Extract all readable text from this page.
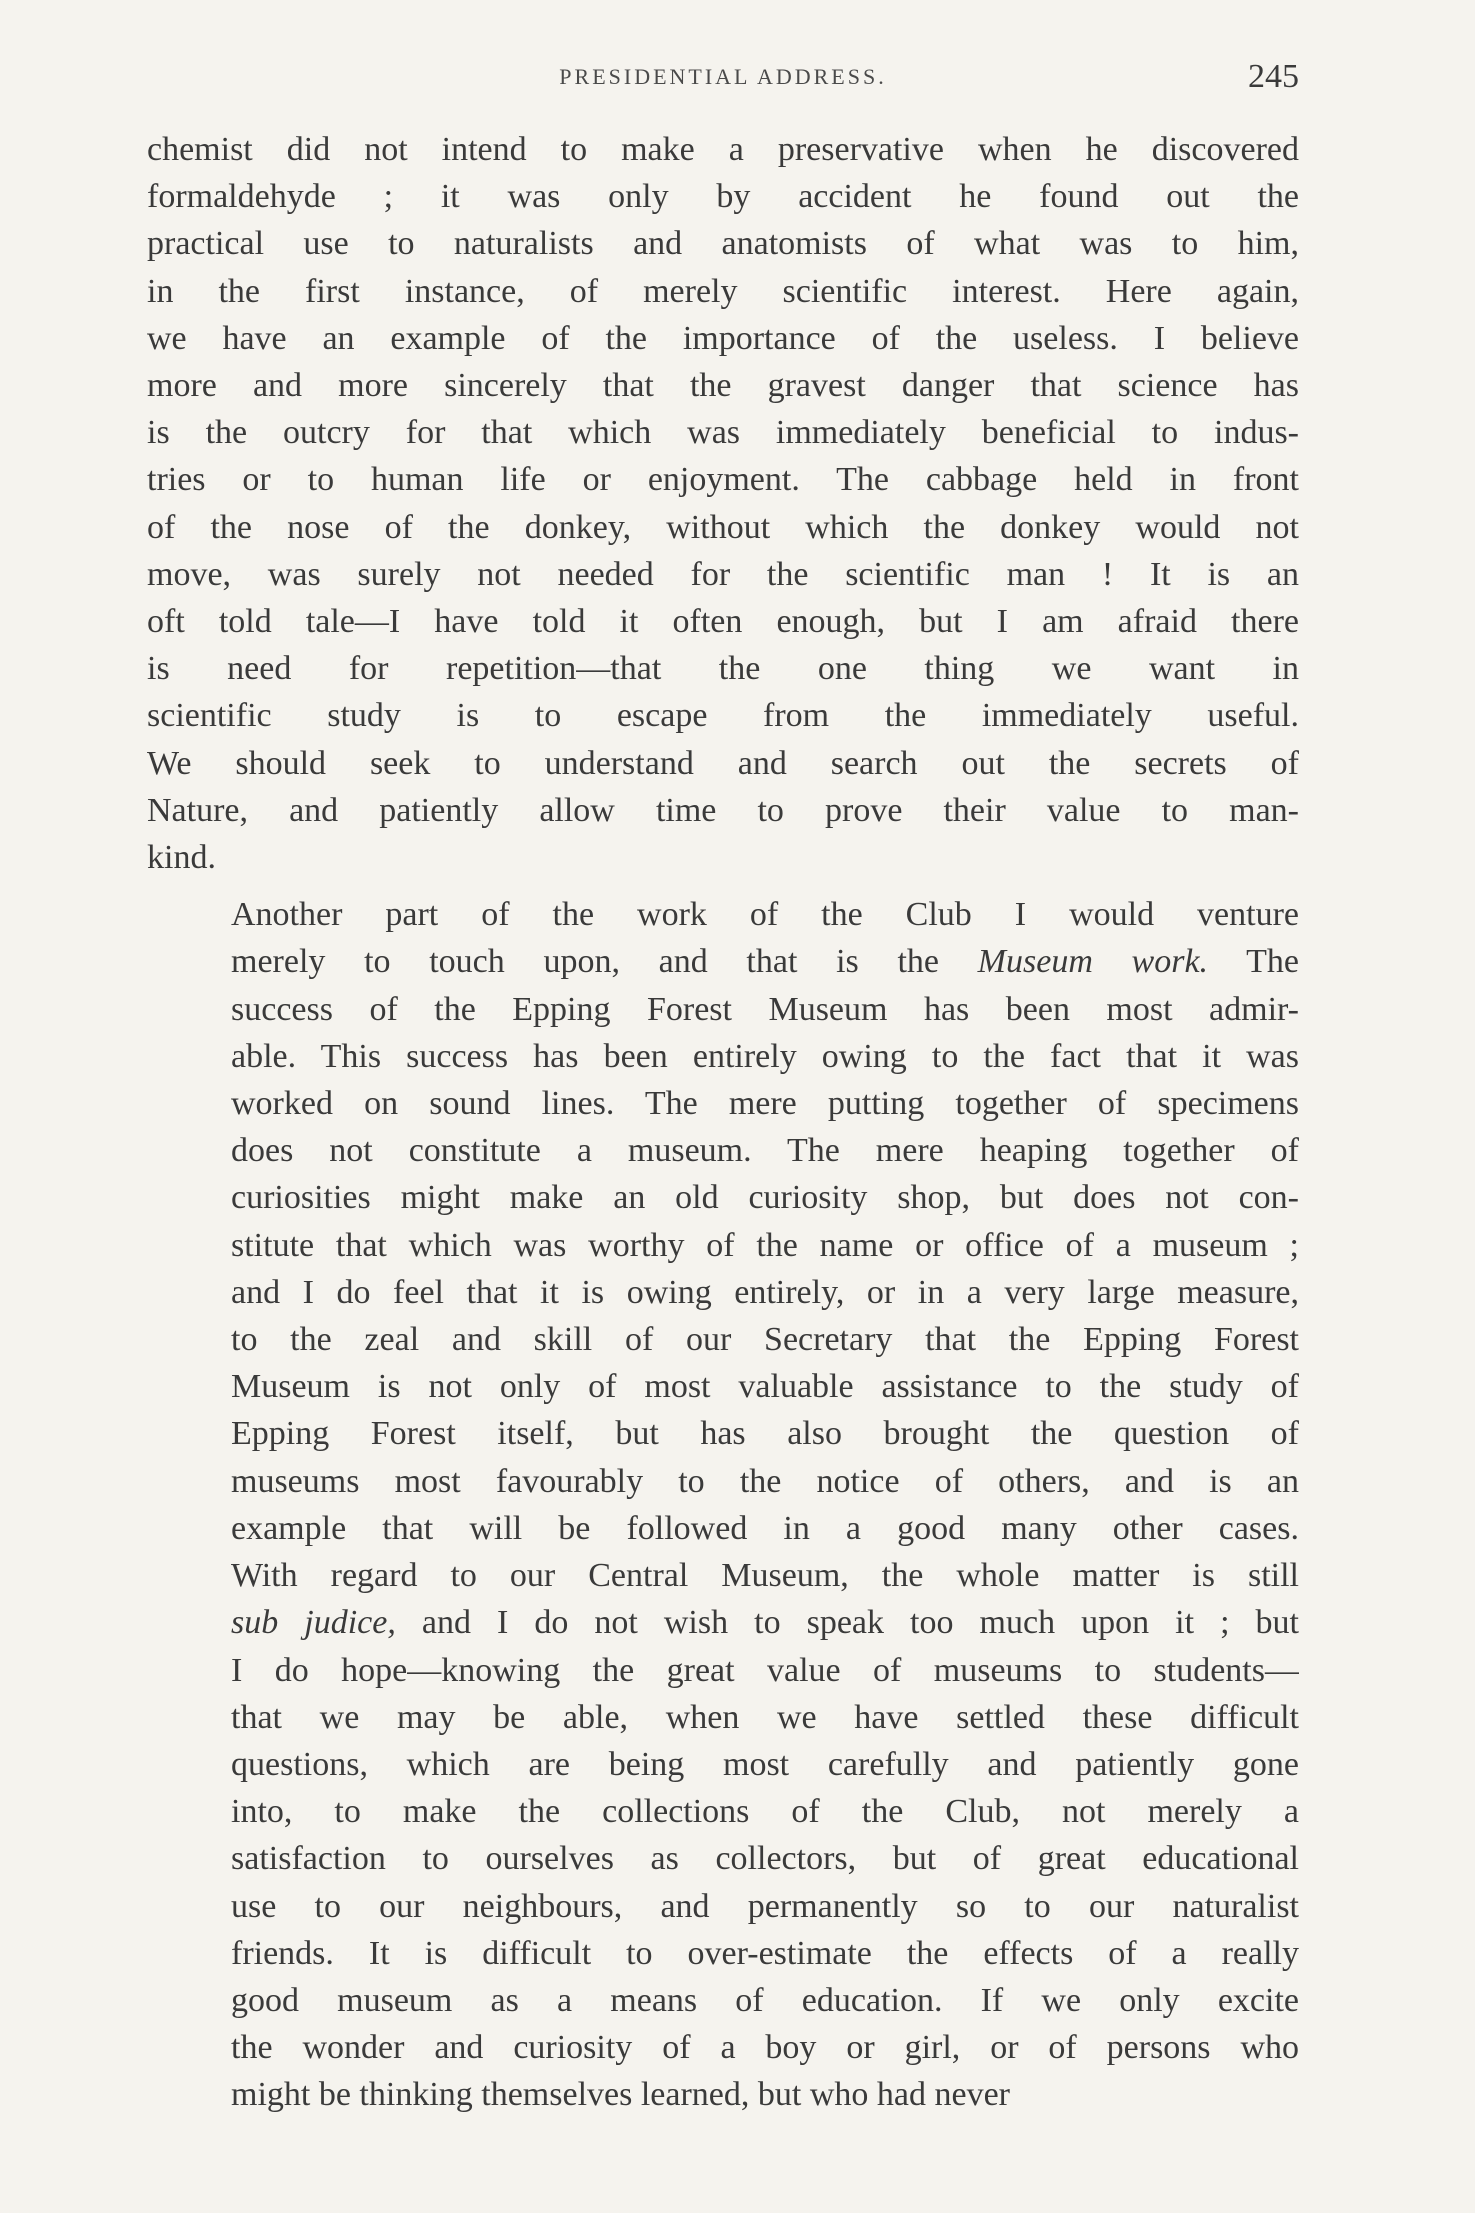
PRESIDENTIAL ADDRESS.	245

chemist did not intend to make a preservative when he discovered
formaldehyde ; it was only by accident he found out the
practical use to naturalists and anatomists of what was to him,
in the first instance, of merely scientific interest. Here again,
we have an example of the importance of the useless. I believe
more and more sincerely that the gravest danger that science has
is the outcry for that which was immediately beneficial to indus-
tries or to human life or enjoyment. The cabbage held in front
of the nose of the donkey, without which the donkey would not
move, was surely not needed for the scientific man ! It is an
oft told tale—I have told it often enough, but I am afraid there
is need for repetition—that the one thing we want in
scientific study is to escape from the immediately useful.
We should seek to understand and search out the secrets of
Nature, and patiently allow time to prove their value to man-
kind.

Another part of the work of the Club I would venture
merely to touch upon, and that is the Museum work. The
success of the Epping Forest Museum has been most admir-
able. This success has been entirely owing to the fact that it was
worked on sound lines. The mere putting together of specimens
does not constitute a museum. The mere heaping together of
curiosities might make an old curiosity shop, but does not con-
stitute that which was worthy of the name or office of a museum ;
and I do feel that it is owing entirely, or in a very large measure,
to the zeal and skill of our Secretary that the Epping Forest
Museum is not only of most valuable assistance to the study of
Epping Forest itself, but has also brought the question of
museums most favourably to the notice of others, and is an
example that will be followed in a good many other cases.
With regard to our Central Museum, the whole matter is still
sub judice, and I do not wish to speak too much upon it ; but
I do hope—knowing the great value of museums to students—
that we may be able, when we have settled these difficult
questions, which are being most carefully and patiently gone
into, to make the collections of the Club, not merely a
satisfaction to ourselves as collectors, but of great educational
use to our neighbours, and permanently so to our naturalist
friends. It is difficult to over-estimate the effects of a really
good museum as a means of education. If we only excite
the wonder and curiosity of a boy or girl, or of persons who
might be thinking themselves learned, but who had never
